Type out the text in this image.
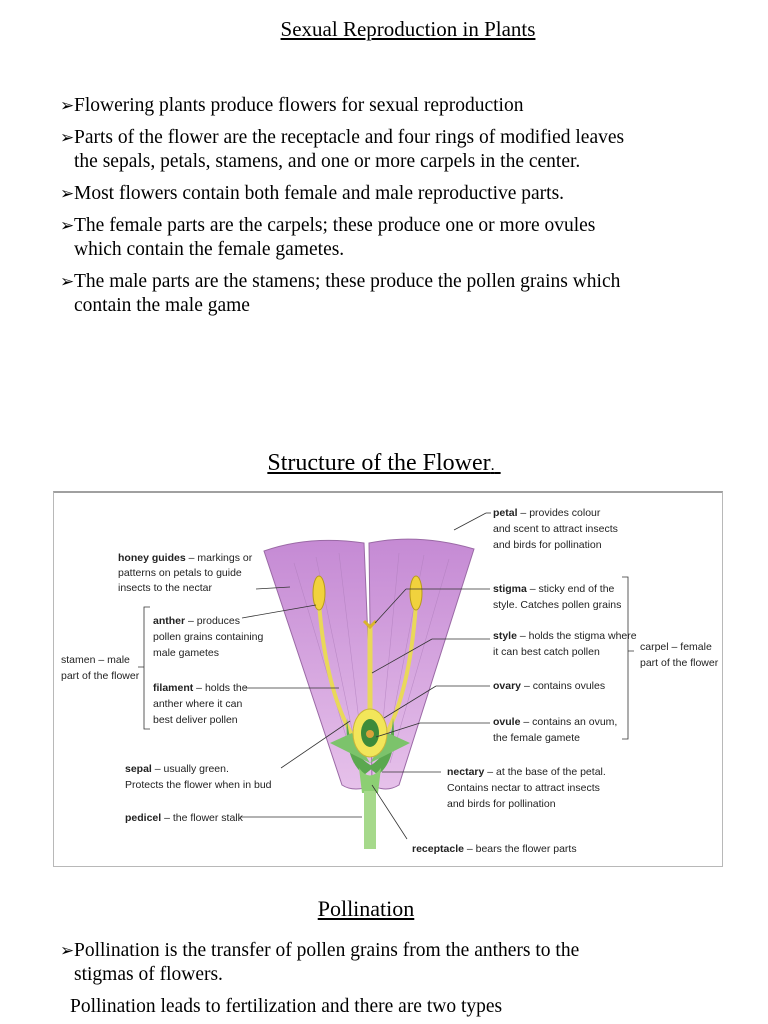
Sexual Reproduction in Plants

➢ Flowering plants produce flowers for sexual reproduction

➢ Parts of the flower are the receptacle and four rings of modified leaves
the sepals, petals, stamens, and one or more carpels in the center.

➢ Most flowers contain both female and male reproductive parts.

➢ The female parts are the carpels; these produce one or more ovules
which contain the female gametes.

➢ The male parts are the stamens; these produce the pollen grains which
contain the male game

Structure of the Flower.
petal – provides colour and scent to attract insects and birds for pollination
honey guides – markings or patterns on petals to guide insects to the nectar	stigma – sticky end of the style. Catches pollen grains
anther – produces pollen grains containing male gametes
style – holds the stigma where it can best catch pollen	carpel – female part of the flower
stamen – male part of the flower
ovary – contains ovules
filament – holds the anther where it can best deliver pollen	ovule – contains an ovum, the female gamete
sepal – usually green. Protects the flower when in bud
nectary – at the base of the petal. Contains nectar to attract insects and birds for pollination
pedicel – the flower stalk
receptacle – bears the flower parts
Pollination

➢ Pollination is the transfer of pollen grains from the anthers to the
stigmas of flowers.

Pollination leads to fertilization and there are two types
